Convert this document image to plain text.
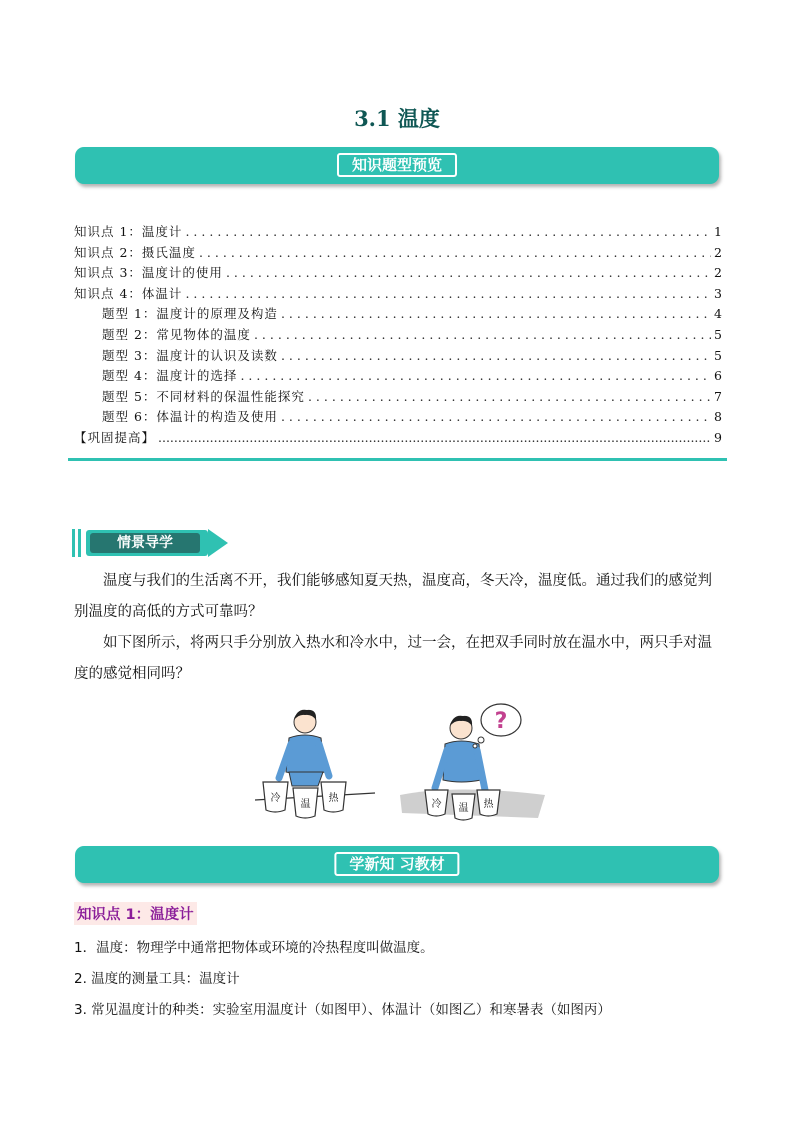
3.1 温度
知识题型预览
知识点 1：温度计 .....	1
知识点 2：摄氏温度 .....	2
知识点 3：温度计的使用 .....	2
知识点 4：体温计 .....	3
题型 1：温度计的原理及构造 .....	4
题型 2：常见物体的温度 .....	5
题型 3：温度计的认识及读数 .....	5
题型 4：温度计的选择 .....	6
题型 5：不同材料的保温性能探究 .....	7
题型 6：体温计的构造及使用 .....	8
【巩固提高】 .....	9
情景导学

温度与我们的生活离不开，我们能够感知夏天热，温度高，冬天冷，温度低。通过我们的感觉判别温度的高低的方式可靠吗？

如下图所示，将两只手分别放入热水和冷水中，过一会，在把双手同时放在温水中，两只手对温度的感觉相同吗？

冷
温
热
?
冷 温 热
学新知 习教材
知识点 1：温度计
1．温度：物理学中通常把物体或环境的冷热程度叫做温度。
2. 温度的测量工具：温度计
3. 常见温度计的种类：实验室用温度计（如图甲）、体温计（如图乙）和寒暑表（如图丙）
